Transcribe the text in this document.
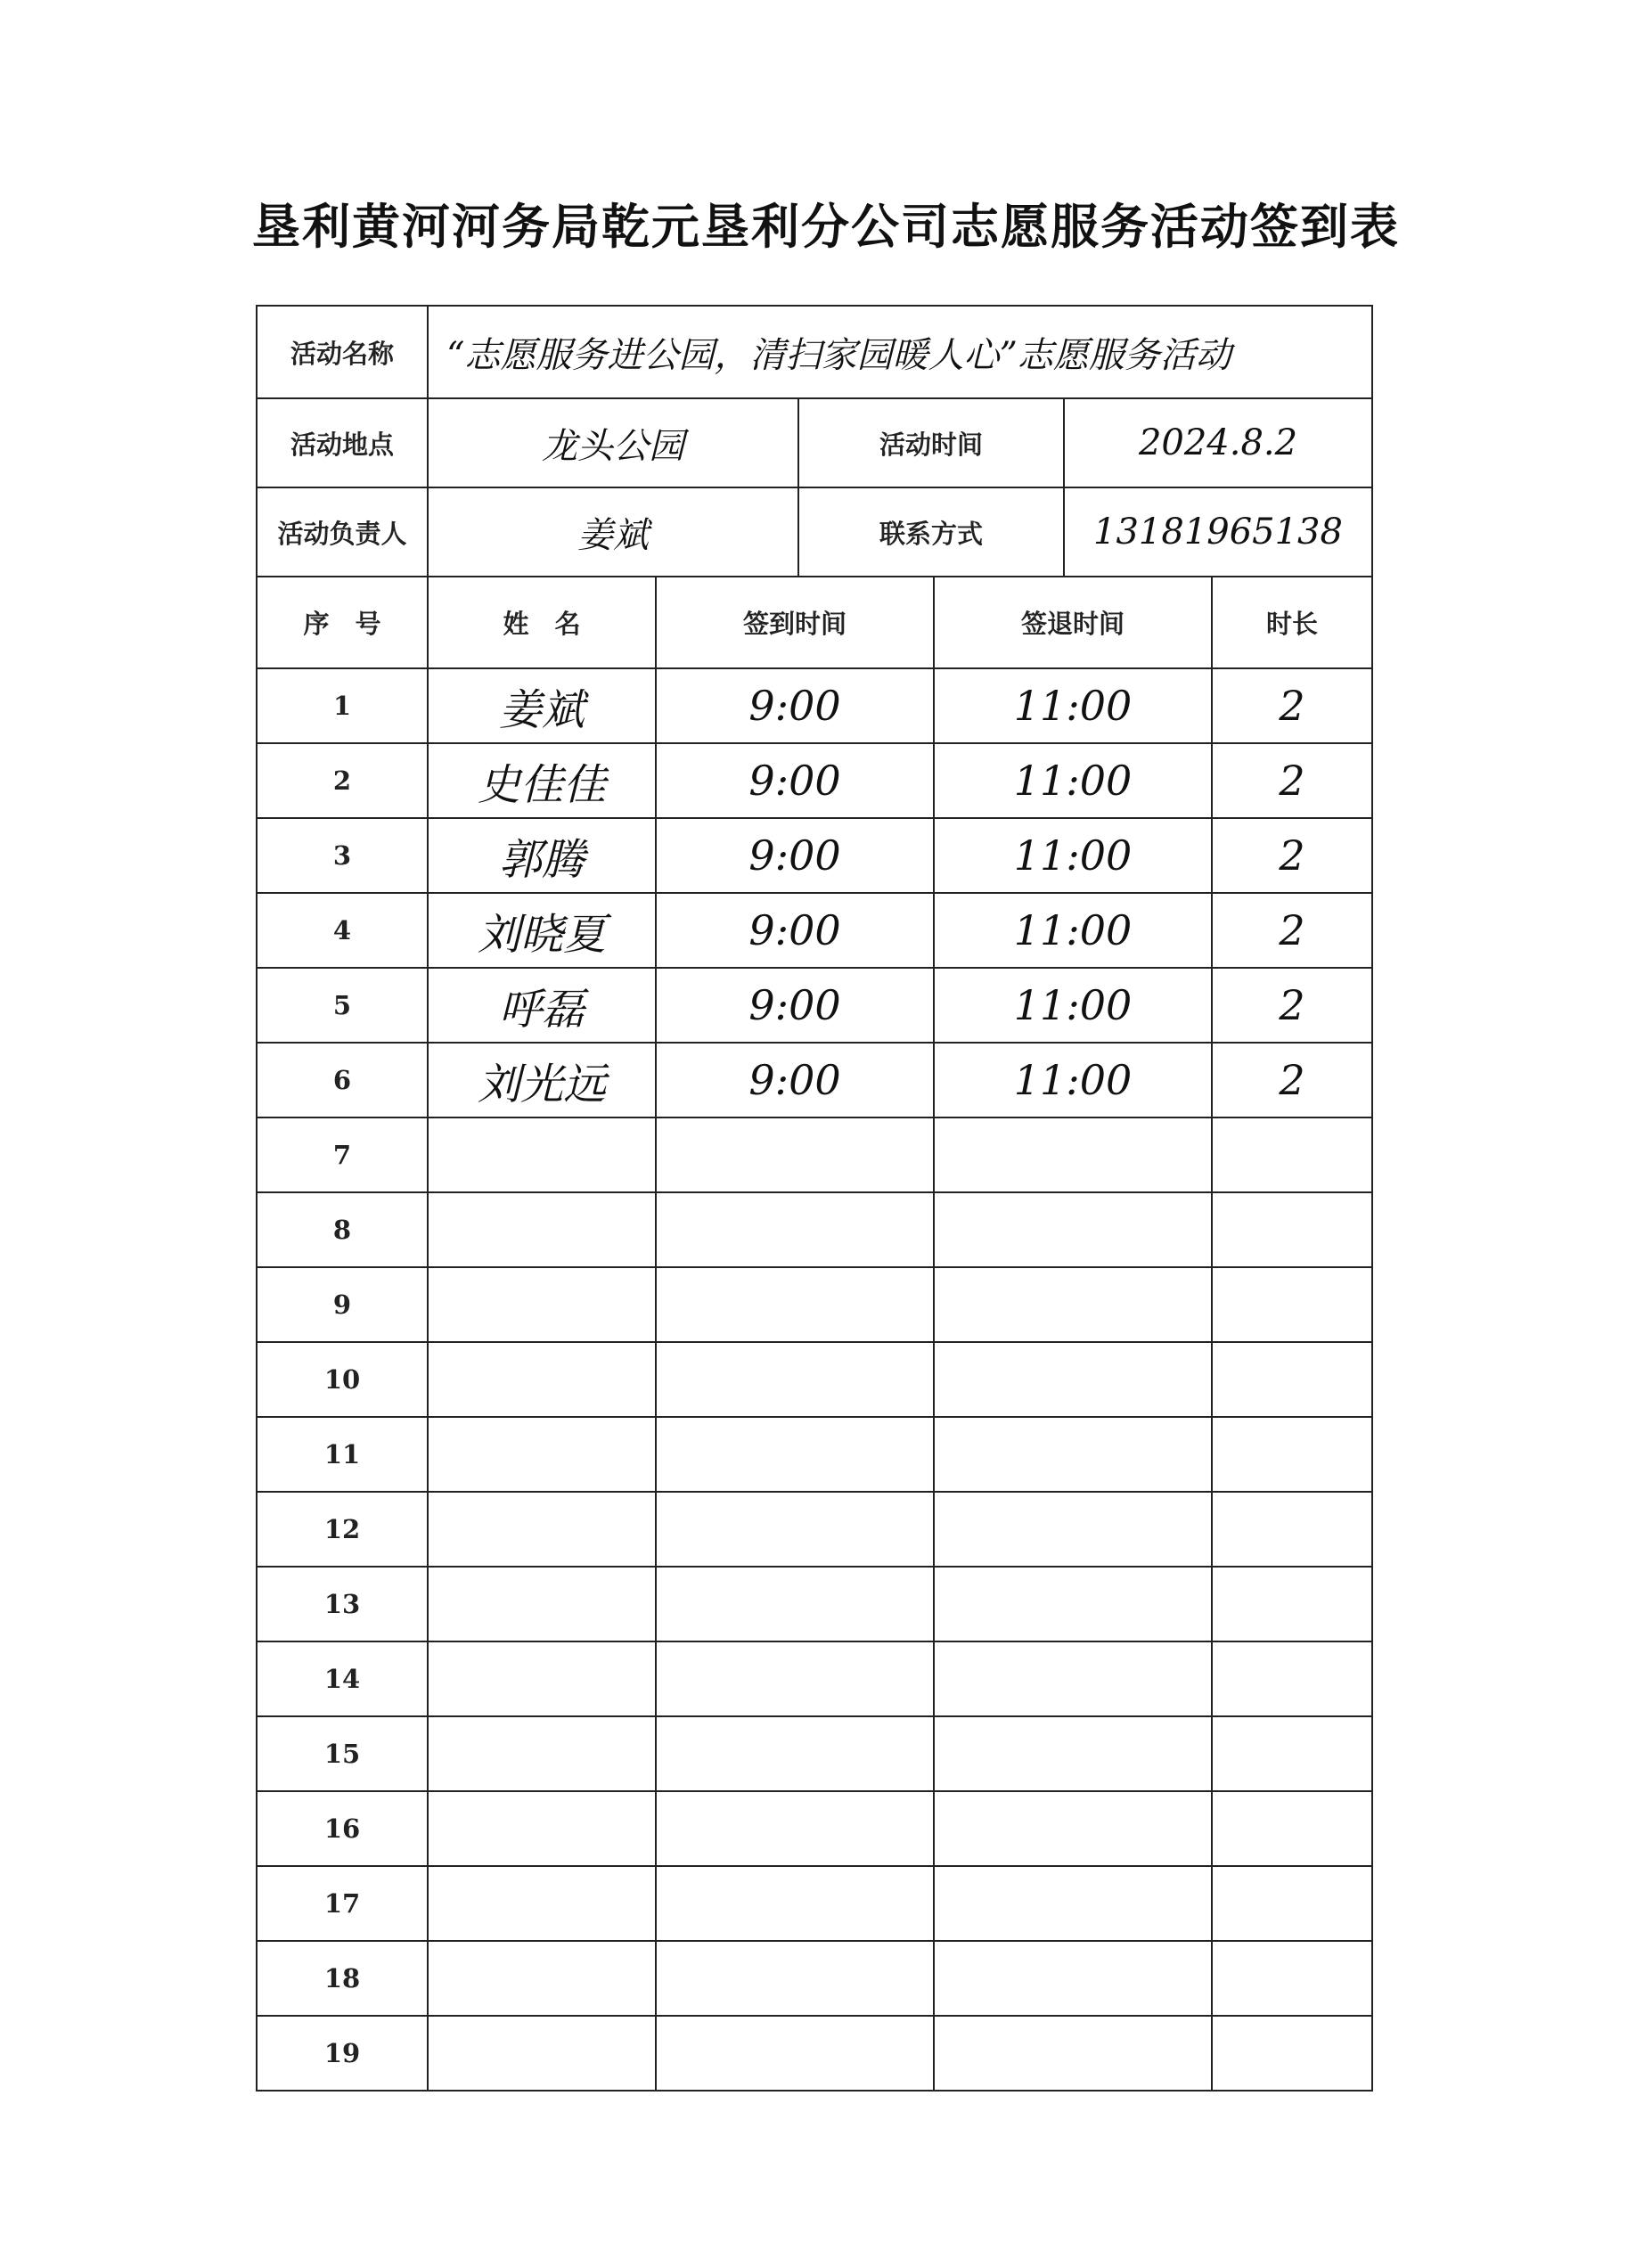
垦利黄河河务局乾元垦利分公司志愿服务活动签到表
活动名称	“志愿服务进公园，清扫家园暖人心”志愿服务活动					
活动地点	龙头公园		活动时间		2024.8.2	
活动负责人	姜斌		联系方式		13181965138	
序　号	姓　名	签到时间		签退时间		时长
1	姜斌	9:00		11:00		2
2	史佳佳	9:00		11:00		2
3	郭腾	9:00		11:00		2
4	刘晓夏	9:00		11:00		2
5	呼磊	9:00		11:00		2
6	刘光远	9:00		11:00		2
7						
8						
9						
10						
11						
12						
13						
14						
15						
16						
17						
18						
19						
